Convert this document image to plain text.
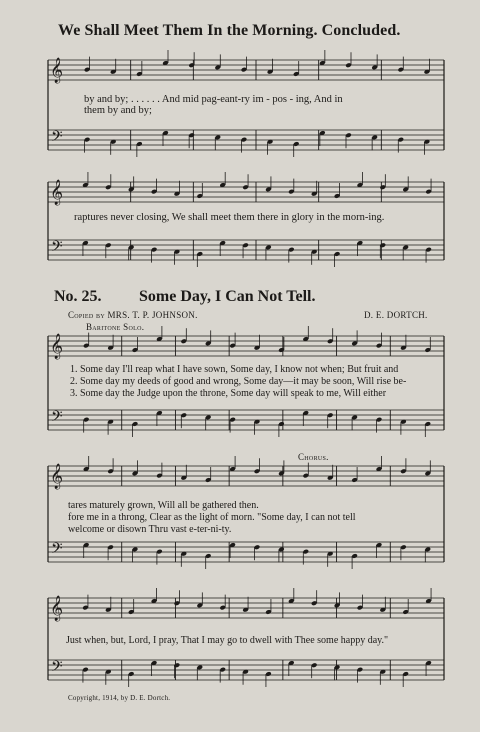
We Shall Meet Them In the Morning. Concluded.
by and by; . . . . . . And mid pag-eant-ry im - pos - ing, And in
them by and by;
raptures never closing, We shall meet them there in glory in the morn-ing.
No. 25. Some Day, I Can Not Tell.
Copied by MRS. T. P. JOHNSON.	D. E. DORTCH.
Baritone Solo.
1. Some day I'll reap what I have sown, Some day, I know not when; But fruit and
2. Some day my deeds of good and wrong, Some day—it may be soon, Will rise be-
3. Some day the Judge upon the throne, Some day will speak to me, Will either
Chorus.
tares maturely grown, Will all be gathered then.
fore me in a throng, Clear as the light of morn. "Some day, I can not tell
welcome or disown Thru vast e-ter-ni-ty.
Just when, but, Lord, I pray, That I may go to dwell with Thee some happy day."
Copyright, 1914, by D. E. Dortch.
𝄞
𝄢
𝄞
𝄢
𝄞
𝄢
𝄞
𝄢
𝄞
𝄢
